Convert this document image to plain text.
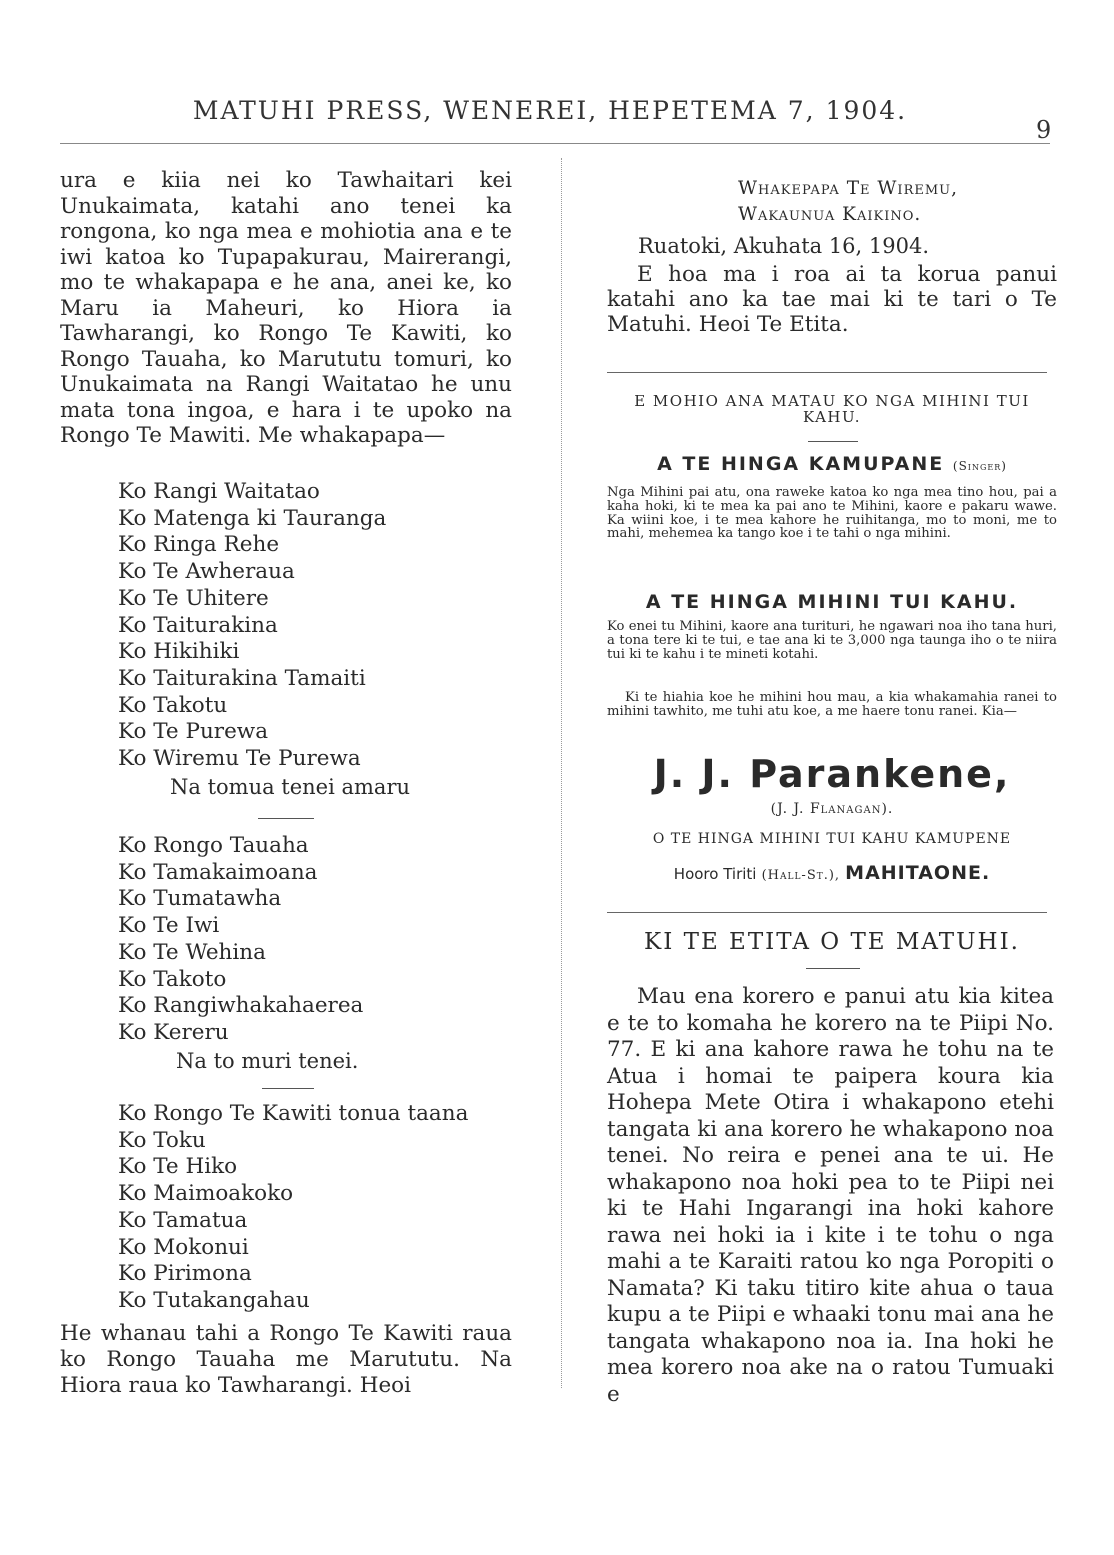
MATUHI PRESS, WENEREI, HEPETEMA 7, 1904.
9
ura e kiia nei ko Tawhaitari kei Unukaimata, katahi ano tenei ka rongona, ko nga mea e mohiotia ana e te iwi katoa ko Tupapakurau, Mairerangi, mo te whakapapa e he ana, anei ke, ko Maru ia Maheuri, ko Hiora ia Tawharangi, ko Rongo Te Kawiti, ko Rongo Tauaha, ko Marututu tomuri, ko Unukaimata na Rangi Waitatao he unu mata tona ingoa, e hara i te upoko na Rongo Te Mawiti. Me whakapapa—
Ko Rangi Waitatao
Ko Matenga ki Tauranga
Ko Ringa Rehe
Ko Te Awheraua
Ko Te Uhitere
Ko Taiturakina
Ko Hikihiki
Ko Taiturakina Tamaiti
Ko Takotu
Ko Te Purewa
Ko Wiremu Te Purewa
Na tomua tenei amaru
Ko Rongo Tauaha
Ko Tamakaimoana
Ko Tumatawha
Ko Te Iwi
Ko Te Wehina
Ko Takoto
Ko Rangiwhakahaerea
Ko Kereru
Na to muri tenei.
Ko Rongo Te Kawiti tonua taana
Ko Toku
Ko Te Hiko
Ko Maimoakoko
Ko Tamatua
Ko Mokonui
Ko Pirimona
Ko Tutakangahau
He whanau tahi a Rongo Te Kawiti raua ko Rongo Tauaha me Marututu. Na Hiora raua ko Tawharangi. Heoi
Whakepapa Te Wiremu,
Wakaunua Kaikino.
Ruatoki, Akuhata 16, 1904.
E hoa ma i roa ai ta korua panui katahi ano ka tae mai ki te tari o Te Matuhi. Heoi Te Etita.
E MOHIO ANA MATAU KO NGA MIHINI TUI KAHU.
A TE HINGA KAMUPANE (Singer)
Nga Mihini pai atu, ona raweke katoa ko nga mea tino hou, pai a kaha hoki, ki te mea ka pai ano te Mihini, kaore e pakaru wawe. Ka wiini koe, i te mea kahore he ruihitanga, mo to moni, me to mahi, mehemea ka tango koe i te tahi o nga mihini.
A TE HINGA MIHINI TUI KAHU.
Ko enei tu Mihini, kaore ana turituri, he ngawari noa iho tana huri, a tona tere ki te tui, e tae ana ki te 3,000 nga taunga iho o te niira tui ki te kahu i te mineti kotahi.
Ki te hiahia koe he mihini hou mau, a kia whakamahia ranei to mihini tawhito, me tuhi atu koe, a me haere tonu ranei. Kia—
J. J. Parankene,
(J. J. Flanagan).
O TE HINGA MIHINI TUI KAHU KAMUPENE
Hooro Tiriti (Hall-St.), MAHITAONE.
KI TE ETITA O TE MATUHI.
Mau ena korero e panui atu kia kitea e te to komaha he korero na te Piipi No. 77. E ki ana kahore rawa he tohu na te Atua i homai te paipera koura kia Hohepa Mete Otira i whakapono etehi tangata ki ana korero he whakapono noa tenei. No reira e penei ana te ui. He whakapono noa hoki pea to te Piipi nei ki te Hahi Ingarangi ina hoki kahore rawa nei hoki ia i kite i te tohu o nga mahi a te Karaiti ratou ko nga Poropiti o Namata? Ki taku titiro kite ahua o taua kupu a te Piipi e whaaki tonu mai ana he tangata whakapono noa ia. Ina hoki he mea korero noa ake na o ratou Tumuaki e
